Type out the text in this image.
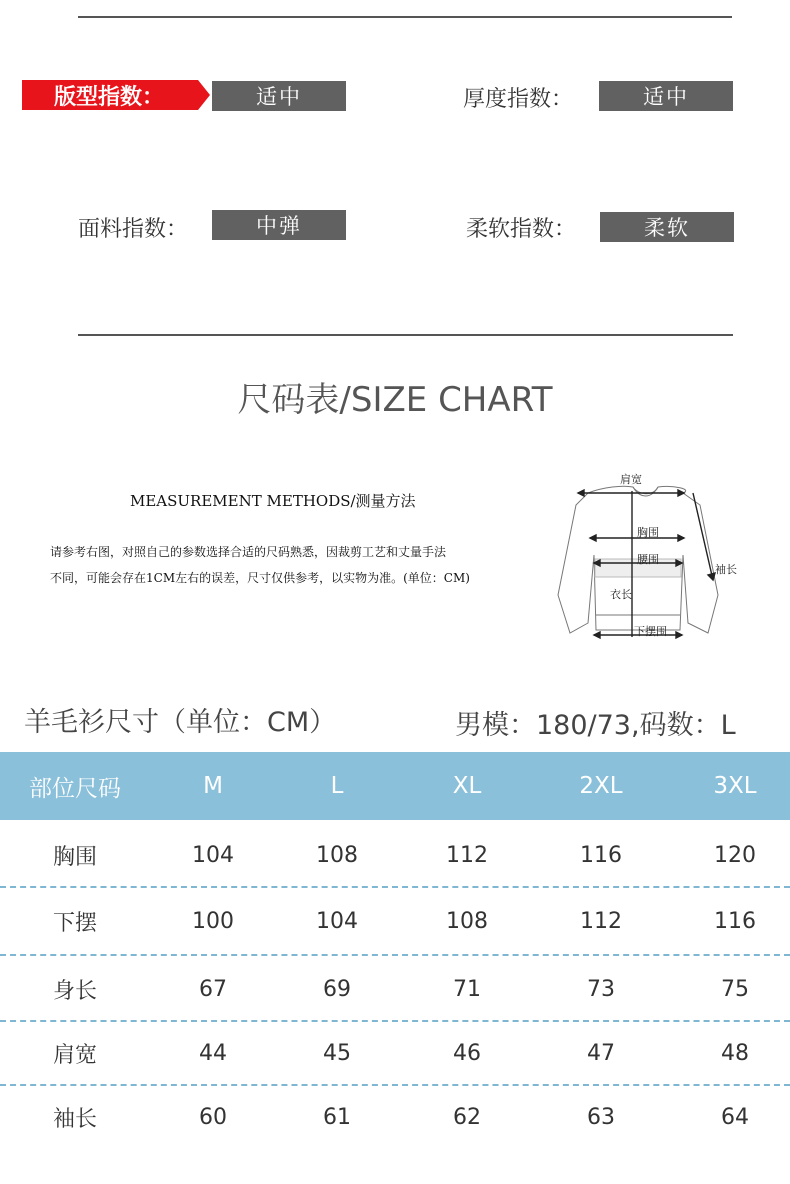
版型指数：	适中	厚度指数：	适中
面料指数：	中弹	柔软指数：	柔软
尺码表/SIZE CHART
MEASUREMENT METHODS/测量方法
请参考右图，对照自己的参数选择合适的尺码熟悉，因裁剪工艺和丈量手法
不同，可能会存在1CM左右的误差，尺寸仅供参考，以实物为准。(单位：CM)
肩宽
胸围
腰围
袖长
衣长
下摆围
羊毛衫尺寸（单位：CM）	男模：180/73,码数：L
部位尺码	M	L	XL	2XL	3XL
胸围	104	108	112	116	120
下摆	100	104	108	112	116
身长	67	69	71	73	75
肩宽	44	45	46	47	48
袖长	60	61	62	63	64
